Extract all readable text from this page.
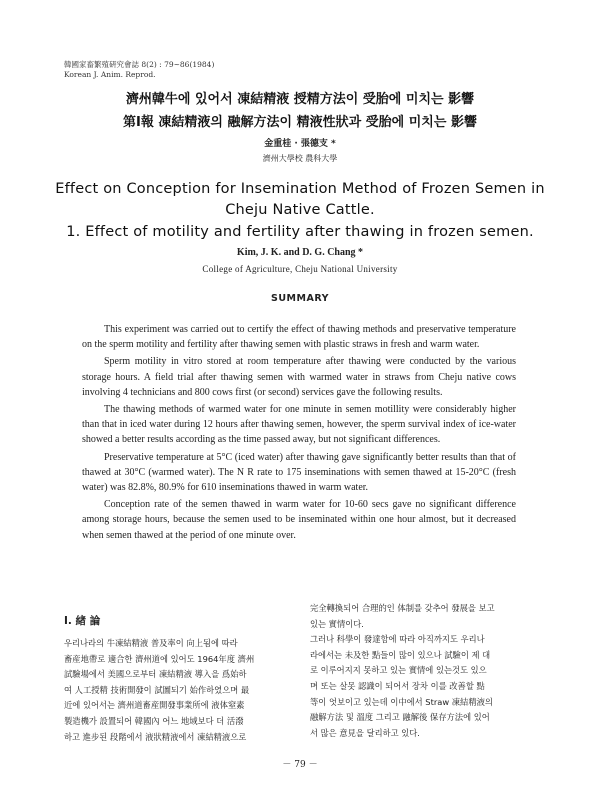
韓國家畜繁殖硏究會誌 8(2) : 79~86(1984)
Korean J. Anim. Reprod.
濟州韓牛에 있어서 凍結精液 授精方法이 受胎에 미치는 影響
第Ⅰ報 凍結精液의 融解方法이 精液性狀과 受胎에 미치는 影響
金重桂 · 張德支 *
濟州大學校 農科大學
Effect on Conception for Insemination Method of Frozen Semen in
Cheju Native Cattle.
1. Effect of motility and fertility after thawing in frozen semen.
Kim, J. K. and D. G. Chang *
College of Agriculture, Cheju National University
SUMMARY

This experiment was carried out to certify the effect of thawing methods and preservative temperature on the sperm motility and fertility after thawing semen with plastic straws in fresh and warm water.

Sperm motility in vitro stored at room temperature after thawing were conducted by the various storage hours. A field trial after thawing semen with warmed water in straws from Cheju native cows involving 4 technicians and 800 cows first (or second) services gave the following results.

The thawing methods of warmed water for one minute in semen motillity were considerably higher than that in iced water during 12 hours after thawing semen, however, the sperm survival index of ice-water showed a better results according as the time passed away, but not significant differences.

Preservative temperature at 5°C (iced water) after thawing gave significantly better results than that of thawed at 30°C (warmed water). The N R rate to 175 inseminations with semen thawed at 15-20°C (fresh water) was 82.8%, 80.9% for 610 inseminations thawed in warm water.

Conception rate of the semen thawed in warm water for 10-60 secs gave no significant difference among storage hours, because the semen used to be inseminated within one hour almost, but it decreased when semen thawed at the period of one minute over.

Ⅰ. 緖 論
우리나라의 牛凍結精液 普及率이 向上됨에 따라
畜産地帶로 適合한 濟州道에 있어도 1964年度 濟州
試驗場에서 美國으로부터 凍結精液 導入을 爲始하
여 人工授精 技術開發이 試圖되기 始作하였으며 最
近에 있어서는 濟州道畜産開發事業所에 液体窒素
製造機가 設置되어 韓國內 어느 地域보다 더 活潑
하고 進步된 段階에서 液狀精液에서 凍結精液으로
完全轉換되어 合理的인 体制를 갖추어 發展을 보고
있는 實情이다.
그러나 科學이 發達함에 따라 아직까지도 우리나
라에서는 未及한 點들이 많이 있으나 試驗이 제 대
로 이루어지지 못하고 있는 實情에 있는것도 있으
며 또는 살못 認識이 되어서 장차 이를 改善할 點
等이 엇보이고 있는데 이中에서 Straw 凍結精液의
融解方法 및 溫度 그리고 融解後 保存方法에 있어
서 많은 意見을 달리하고 있다.
－ 79 －
